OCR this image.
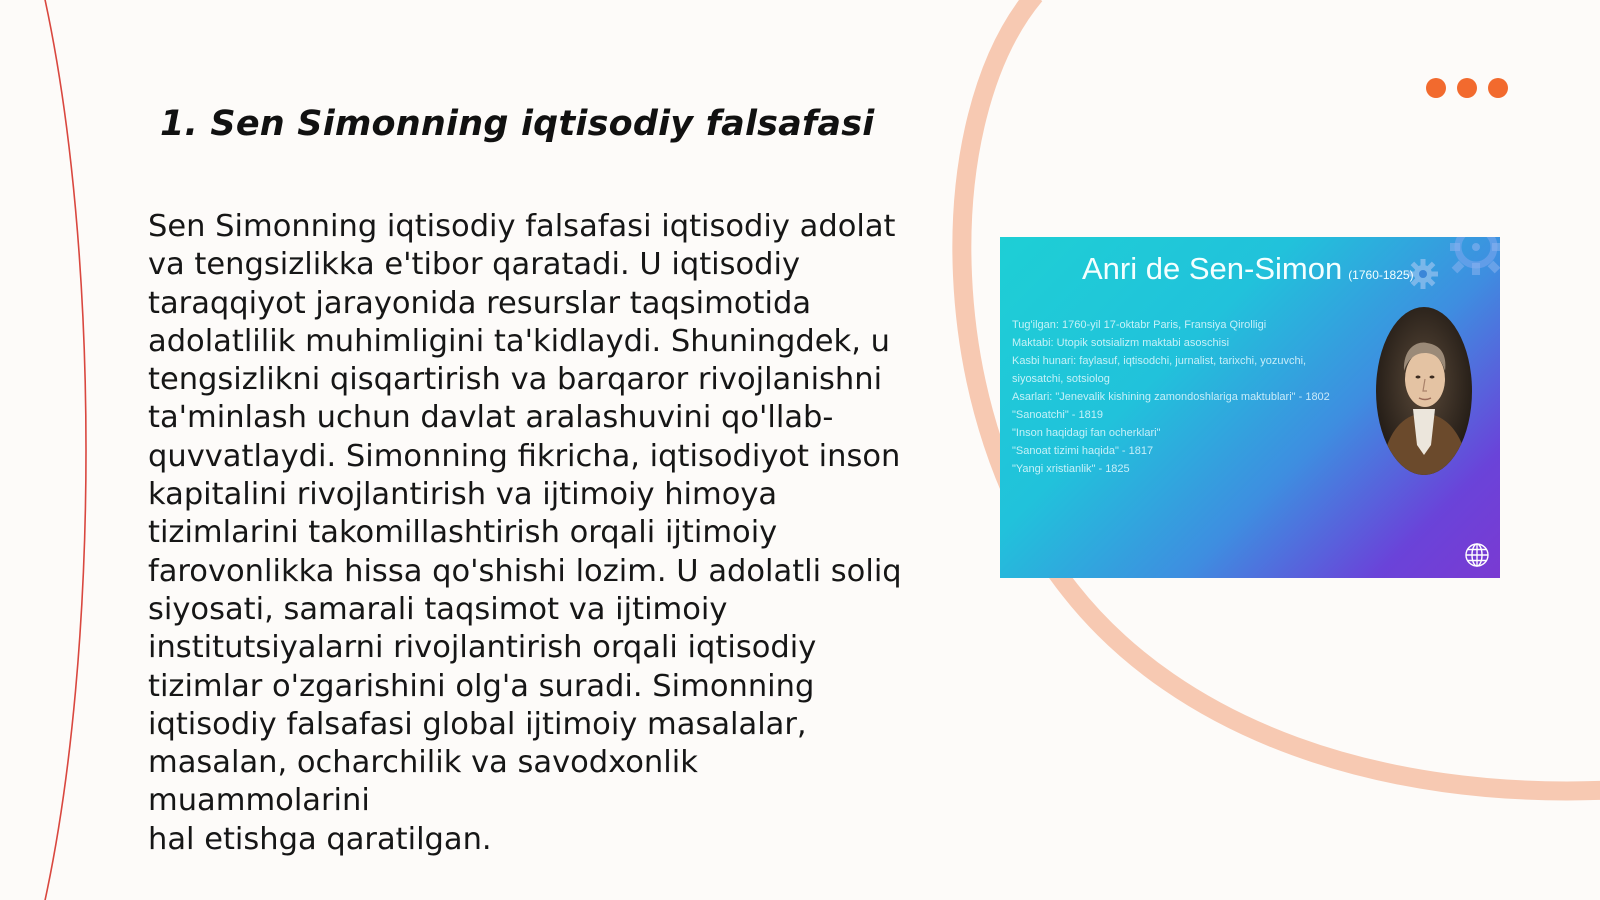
1. Sen Simonning iqtisodiy falsafasi

Sen Simonning iqtisodiy falsafasi iqtisodiy adolat
va tengsizlikka e'tibor qaratadi. U iqtisodiy
taraqqiyot jarayonida resurslar taqsimotida
adolatlilik muhimligini ta'kidlaydi. Shuningdek, u
tengsizlikni qisqartirish va barqaror rivojlanishni
ta'minlash uchun davlat aralashuvini qo'llab-
quvvatlaydi. Simonning fikricha, iqtisodiyot inson
kapitalini rivojlantirish va ijtimoiy himoya
tizimlarini takomillashtirish orqali ijtimoiy
farovonlikka hissa qo'shishi lozim. U adolatli soliq
siyosati, samarali taqsimot va ijtimoiy
institutsiyalarni rivojlantirish orqali iqtisodiy
tizimlar o'zgarishini olg'a suradi. Simonning
iqtisodiy falsafasi global ijtimoiy masalalar,
masalan, ocharchilik va savodxonlik muammolarini
hal etishga qaratilgan.

Anri de Sen-Simon (1760-1825)
Tug'ilgan: 1760-yil 17-oktabr Paris, Fransiya Qirolligi
Maktabi: Utopik sotsializm maktabi asoschisi
Kasbi hunari: faylasuf, iqtisodchi, jurnalist, tarixchi, yozuvchi,
siyosatchi, sotsiolog
Asarlari: "Jenevalik kishining zamondoshlariga maktublari" - 1802
"Sanoatchi" - 1819
"Inson haqidagi fan ocherklari"
"Sanoat tizimi haqida" - 1817
"Yangi xristianlik" - 1825
